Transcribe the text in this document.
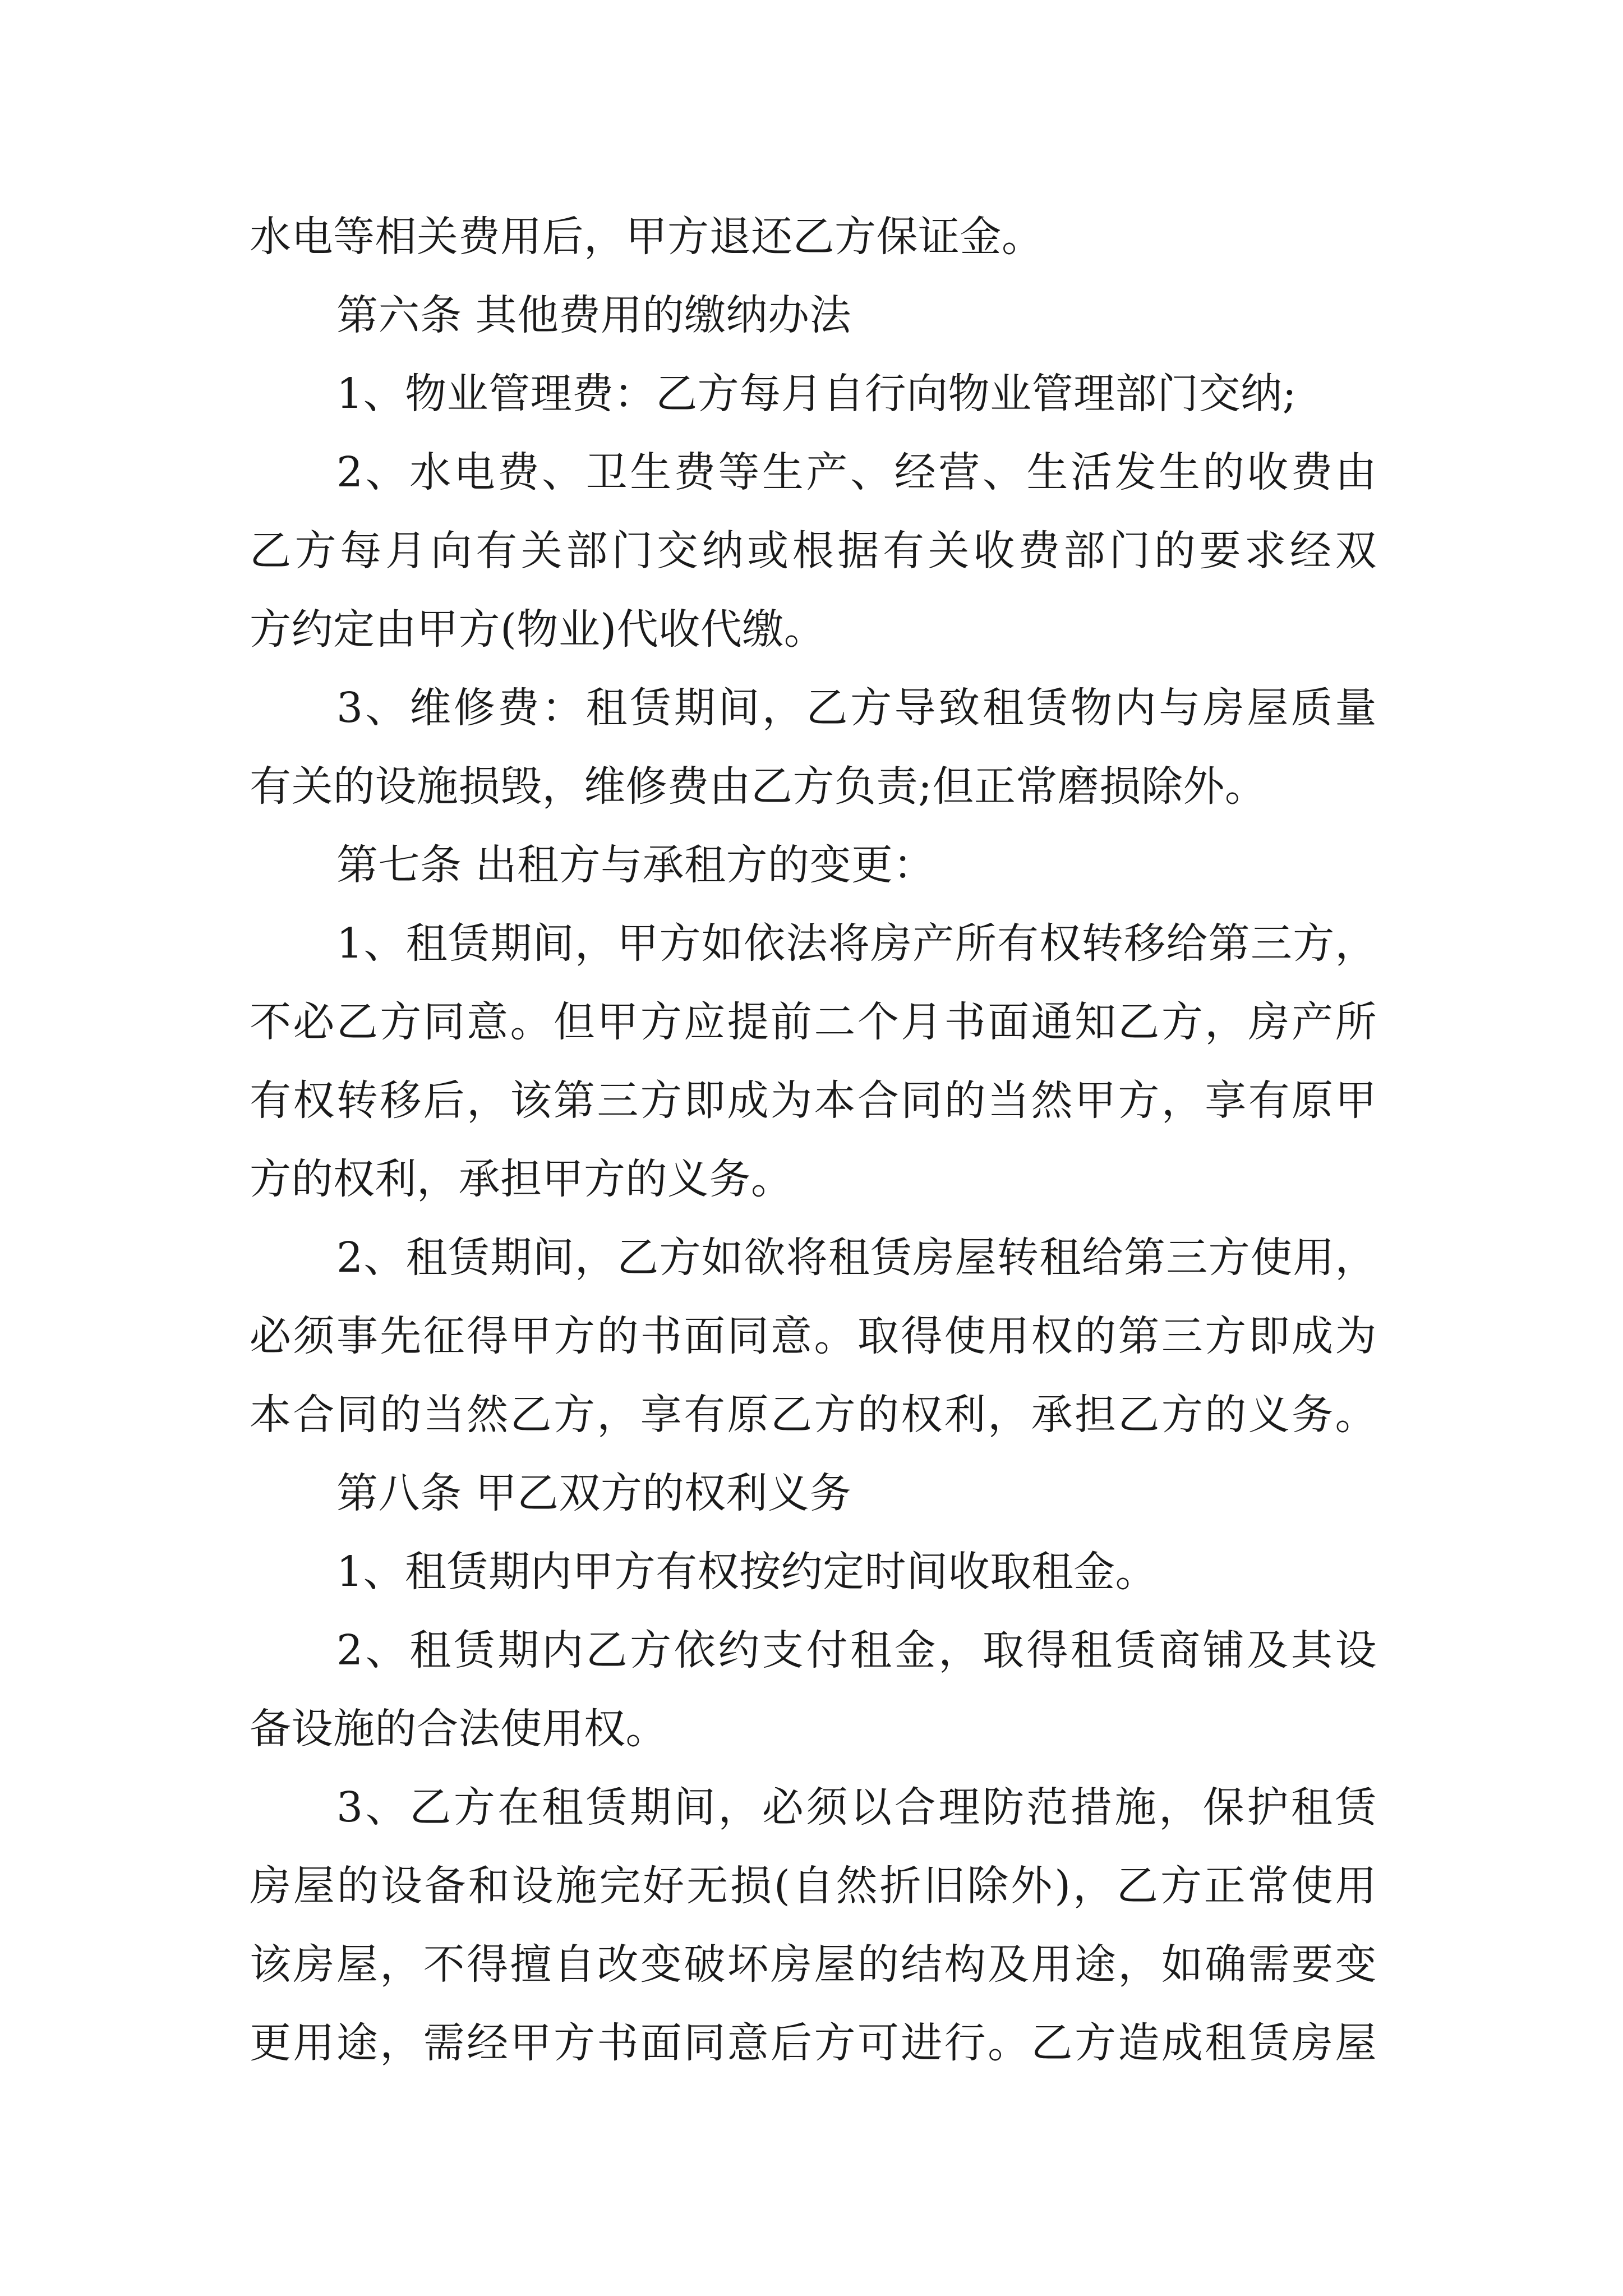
水电等相关费用后，甲方退还乙方保证金。

第六条 其他费用的缴纳办法

1、物业管理费：乙方每月自行向物业管理部门交纳;

2、水电费、卫生费等生产、经营、生活发生的收费由

乙方每月向有关部门交纳或根据有关收费部门的要求经双

方约定由甲方(物业)代收代缴。

3、维修费：租赁期间，乙方导致租赁物内与房屋质量

有关的设施损毁，维修费由乙方负责;但正常磨损除外。

第七条 出租方与承租方的变更：

1、租赁期间，甲方如依法将房产所有权转移给第三方，

不必乙方同意。但甲方应提前二个月书面通知乙方，房产所

有权转移后，该第三方即成为本合同的当然甲方，享有原甲

方的权利，承担甲方的义务。

2、租赁期间，乙方如欲将租赁房屋转租给第三方使用，

必须事先征得甲方的书面同意。取得使用权的第三方即成为

本合同的当然乙方，享有原乙方的权利，承担乙方的义务。

第八条 甲乙双方的权利义务

1、租赁期内甲方有权按约定时间收取租金。

2、租赁期内乙方依约支付租金，取得租赁商铺及其设

备设施的合法使用权。

3、乙方在租赁期间，必须以合理防范措施，保护租赁

房屋的设备和设施完好无损(自然折旧除外)，乙方正常使用

该房屋，不得擅自改变破坏房屋的结构及用途，如确需要变

更用途，需经甲方书面同意后方可进行。乙方造成租赁房屋
